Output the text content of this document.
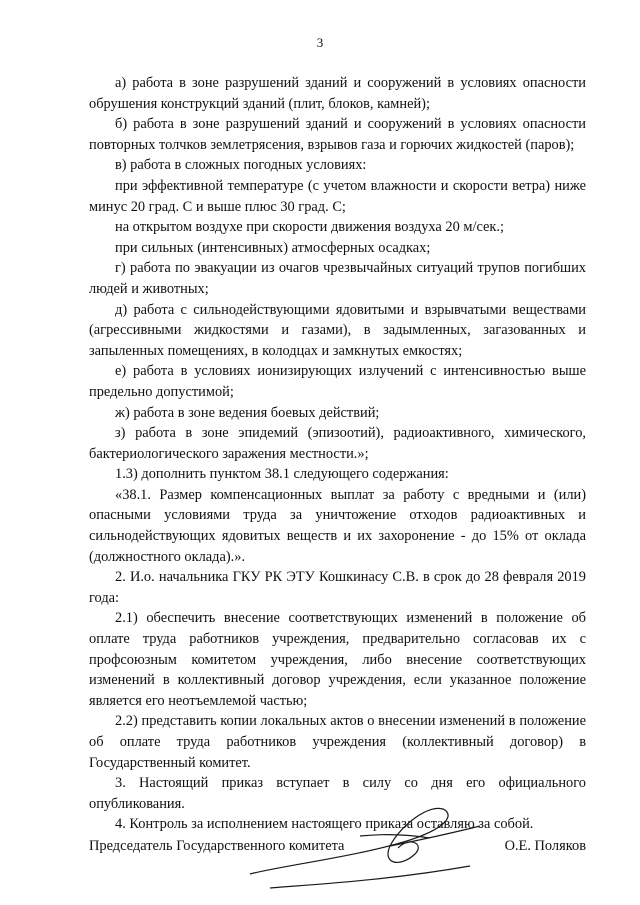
3

а) работа в зоне разрушений зданий и сооружений в условиях опасности обрушения конструкций зданий (плит, блоков, камней);

б) работа в зоне разрушений зданий и сооружений в условиях опасности повторных толчков землетрясения, взрывов газа и горючих жидкостей (паров);

в) работа в сложных погодных условиях:

при эффективной температуре (с учетом влажности и скорости ветра) ниже минус 20 град. С и выше плюс 30 град. С;

на открытом воздухе при скорости движения воздуха 20 м/сек.;

при сильных (интенсивных) атмосферных осадках;

г) работа по эвакуации из очагов чрезвычайных ситуаций трупов погибших людей и животных;

д) работа с сильнодействующими ядовитыми и взрывчатыми веществами (агрессивными жидкостями и газами), в задымленных, загазованных и запыленных помещениях, в колодцах и замкнутых емкостях;

е) работа в условиях ионизирующих излучений с интенсивностью выше предельно допустимой;

ж) работа в зоне ведения боевых действий;

з) работа в зоне эпидемий (эпизоотий), радиоактивного, химического, бактериологического заражения местности.»;

1.3) дополнить пунктом 38.1 следующего содержания:

«38.1. Размер компенсационных выплат за работу с вредными и (или) опасными условиями труда за уничтожение отходов радиоактивных и сильнодействующих ядовитых веществ и их захоронение - до 15% от оклада (должностного оклада).».

2. И.о. начальника ГКУ РК ЭТУ Кошкинасу С.В. в срок до 28 февраля 2019 года:

2.1) обеспечить внесение соответствующих изменений в положение об оплате труда работников учреждения, предварительно согласовав их с профсоюзным комитетом учреждения, либо внесение соответствующих изменений в коллективный договор учреждения, если указанное положение является его неотъемлемой частью;

2.2) представить копии локальных актов о внесении изменений в положение об оплате труда работников учреждения (коллективный договор) в Государственный комитет.

3. Настоящий приказ вступает в силу со дня его официального опубликования.

4. Контроль за исполнением настоящего приказа оставляю за собой.

Председатель Государственного комитета	О.Е. Поляков
